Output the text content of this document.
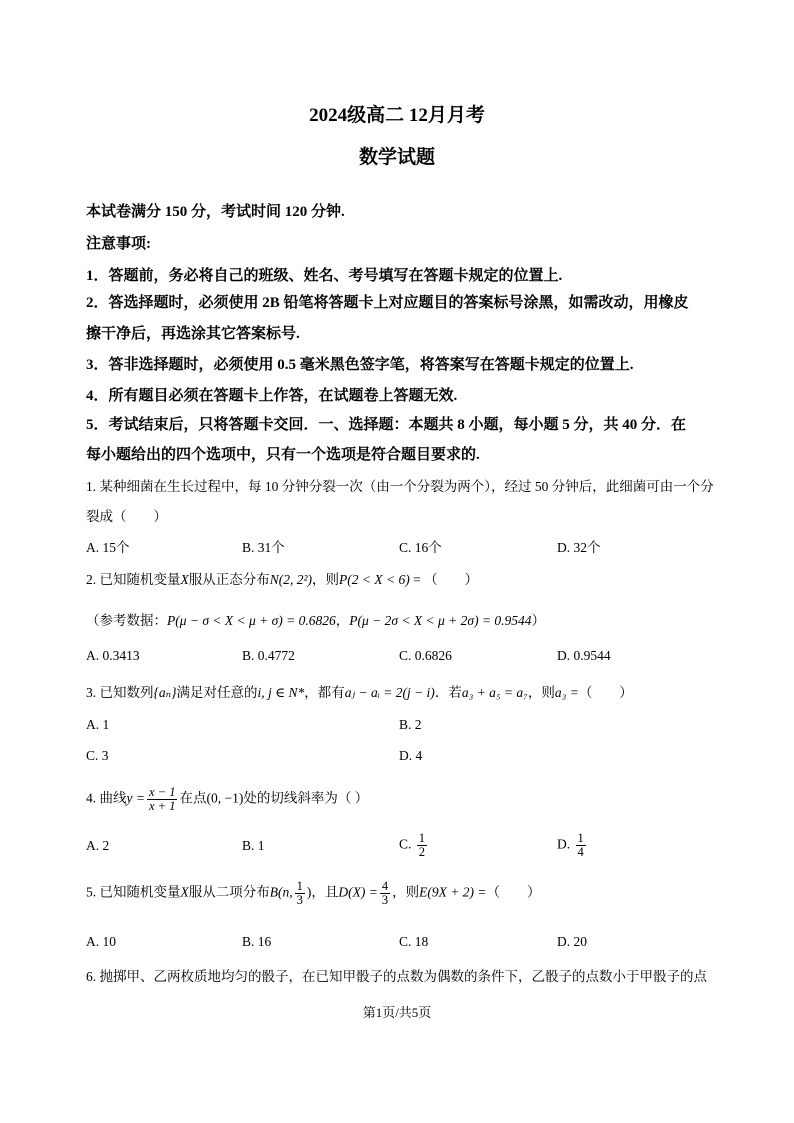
2024级高二 12月月考
数学试题
本试卷满分 150 分，考试时间 120 分钟.
注意事项:
1．答题前，务必将自己的班级、姓名、考号填写在答题卡规定的位置上.
2．答选择题时，必须使用 2B 铅笔将答题卡上对应题目的答案标号涂黑，如需改动，用橡皮
擦干净后，再选涂其它答案标号.
3．答非选择题时，必须使用 0.5 毫米黑色签字笔，将答案写在答题卡规定的位置上.
4．所有题目必须在答题卡上作答，在试题卷上答题无效.
5．考试结束后，只将答题卡交回．一、选择题：本题共 8 小题，每小题 5 分，共 40 分．在
每小题给出的四个选项中，只有一个选项是符合题目要求的.
1. 某种细菌在生长过程中，每 10 分钟分裂一次（由一个分裂为两个），经过 50 分钟后，此细菌可由一个分
裂成（　　）
A. 15个	B. 31个	C. 16个	D. 32个
2. 已知随机变量X服从正态分布N(2, 2²)，则P(2 < X < 6) = （　　）
（参考数据：P(μ − σ < X < μ + σ) = 0.6826，P(μ − 2σ < X < μ + 2σ) = 0.9544）
A. 0.3413	B. 0.4772	C. 0.6826	D. 0.9544
3. 已知数列{aₙ}满足对任意的i, j ∈ N*，都有aⱼ − aᵢ = 2(j − i)．若a₃ + a₅ = a₇，则a₃ =（　　）
A. 1	B. 2
C. 3	D. 4
4. 曲线$y = \frac{x - 1}{x + 1}$ 在点(0, −1)处的切线斜率为（ ）
A. 2	B. 1	C. $\frac{1}{2}$	D. $\frac{1}{4}$
5. 已知随机变量X服从二项分布B(n, $\frac{1}{3}$ )，且$D(X) = \frac{4}{3}$ ，则E(9X + 2) =（　　）
A. 10	B. 16	C. 18	D. 20
6. 抛掷甲、乙两枚质地均匀的骰子，在已知甲骰子的点数为偶数的条件下，乙骰子的点数小于甲骰子的点
第1页/共5页
